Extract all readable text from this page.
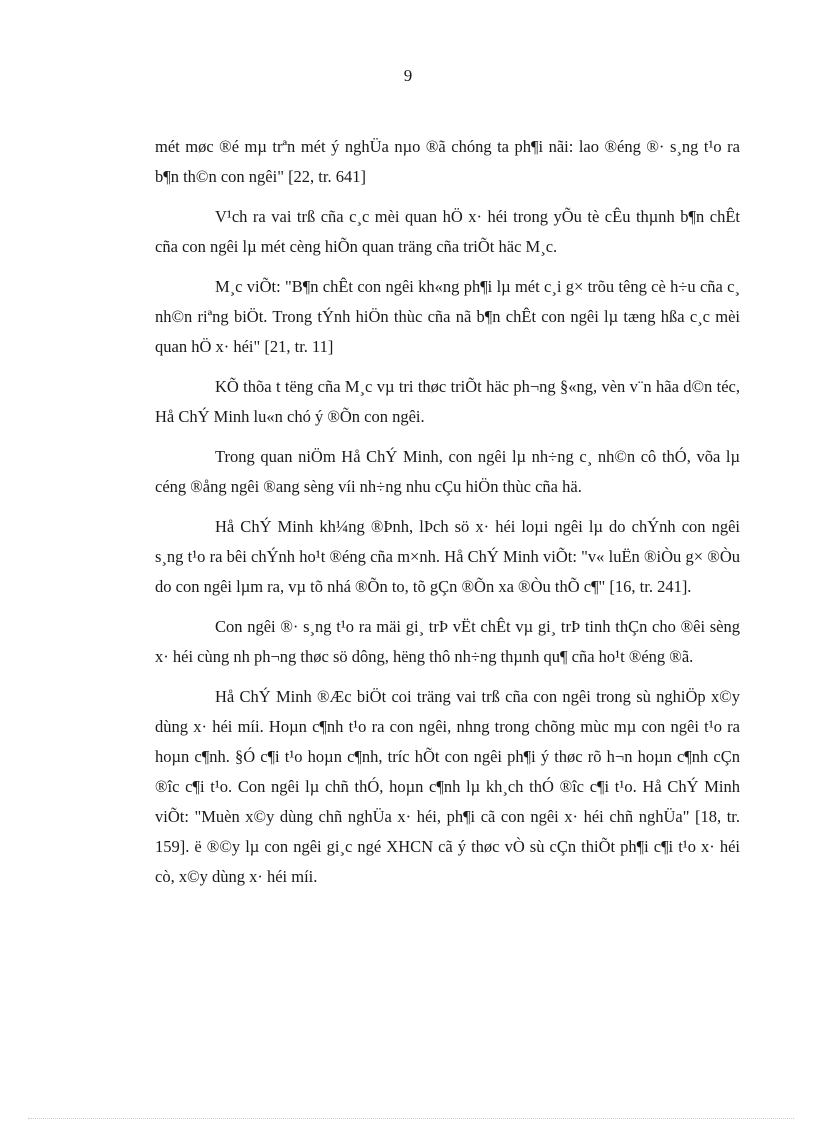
9

mét møc ®é mµ trªn mét ý nghÜa nµo ®ã chóng ta ph¶i nãi: lao ®éng ®· s¸ng t¹o ra b¶n th©n con ngêi" [22, tr. 641]

V¹ch ra vai trß cña c¸c mèi quan hÖ x· héi trong yÕu tè cÊu thµnh b¶n chÊt cña con ngêi lµ mét cèng hiÕn quan träng cña triÕt häc M¸c.

M¸c viÕt: "B¶n chÊt con ngêi kh«ng ph¶i lµ mét c¸i g× trõu têng cè h÷u cña c¸ nh©n riªng biÖt. Trong tÝnh hiÖn thùc cña nã b¶n chÊt con ngêi lµ tæng hßa c¸c mèi quan hÖ x· héi" [21, tr. 11]

KÕ thõa t tëng cña M¸c vµ tri thøc triÕt häc ph¬ng §«ng, vèn v¨n hãa d©n téc, Hå ChÝ Minh lu«n chó ý ®Õn con ngêi.

Trong quan niÖm Hå ChÝ Minh, con ngêi lµ nh÷ng c¸ nh©n cô thÓ, võa lµ céng ®ång ngêi ®ang sèng víi nh÷ng nhu cÇu hiÖn thùc cña hä.

Hå ChÝ Minh kh¼ng ®Þnh, lÞch sö x· héi loµi ngêi lµ do chÝnh con ngêi s¸ng t¹o ra bêi chÝnh ho¹t ®éng cña m×nh. Hå ChÝ Minh viÕt: "v« luËn ®iÒu g× ®Òu do con ngêi lµm ra, vµ tõ nhá ®Õn to, tõ gÇn ®Õn xa ®Òu thÕ c¶" [16, tr. 241].

Con ngêi ®· s¸ng t¹o ra mäi gi¸ trÞ vËt chÊt vµ gi¸ trÞ tinh thÇn cho ®êi sèng x· héi cùng nh ph¬ng thøc sö dông, hëng thô nh÷ng thµnh qu¶ cña ho¹t ®éng ®ã.

Hå ChÝ Minh ®Æc biÖt coi träng vai trß cña con ngêi trong sù nghiÖp x©y dùng x· héi míi. Hoµn c¶nh t¹o ra con ngêi, nhng trong chõng mùc mµ con ngêi t¹o ra hoµn c¶nh. §Ó c¶i t¹o hoµn c¶nh, tríc hÕt con ngêi ph¶i ý thøc rõ h¬n hoµn c¶nh cÇn ®îc c¶i t¹o. Con ngêi lµ chñ thÓ, hoµn c¶nh lµ kh¸ch thÓ ®îc c¶i t¹o. Hå ChÝ Minh viÕt: "Muèn x©y dùng chñ nghÜa x· héi, ph¶i cã con ngêi x· héi chñ nghÜa" [18, tr. 159]. ë ®©y lµ con ngêi gi¸c ngé XHCN cã ý thøc vÒ sù cÇn thiÕt ph¶i c¶i t¹o x· héi cò, x©y dùng x· héi míi.
